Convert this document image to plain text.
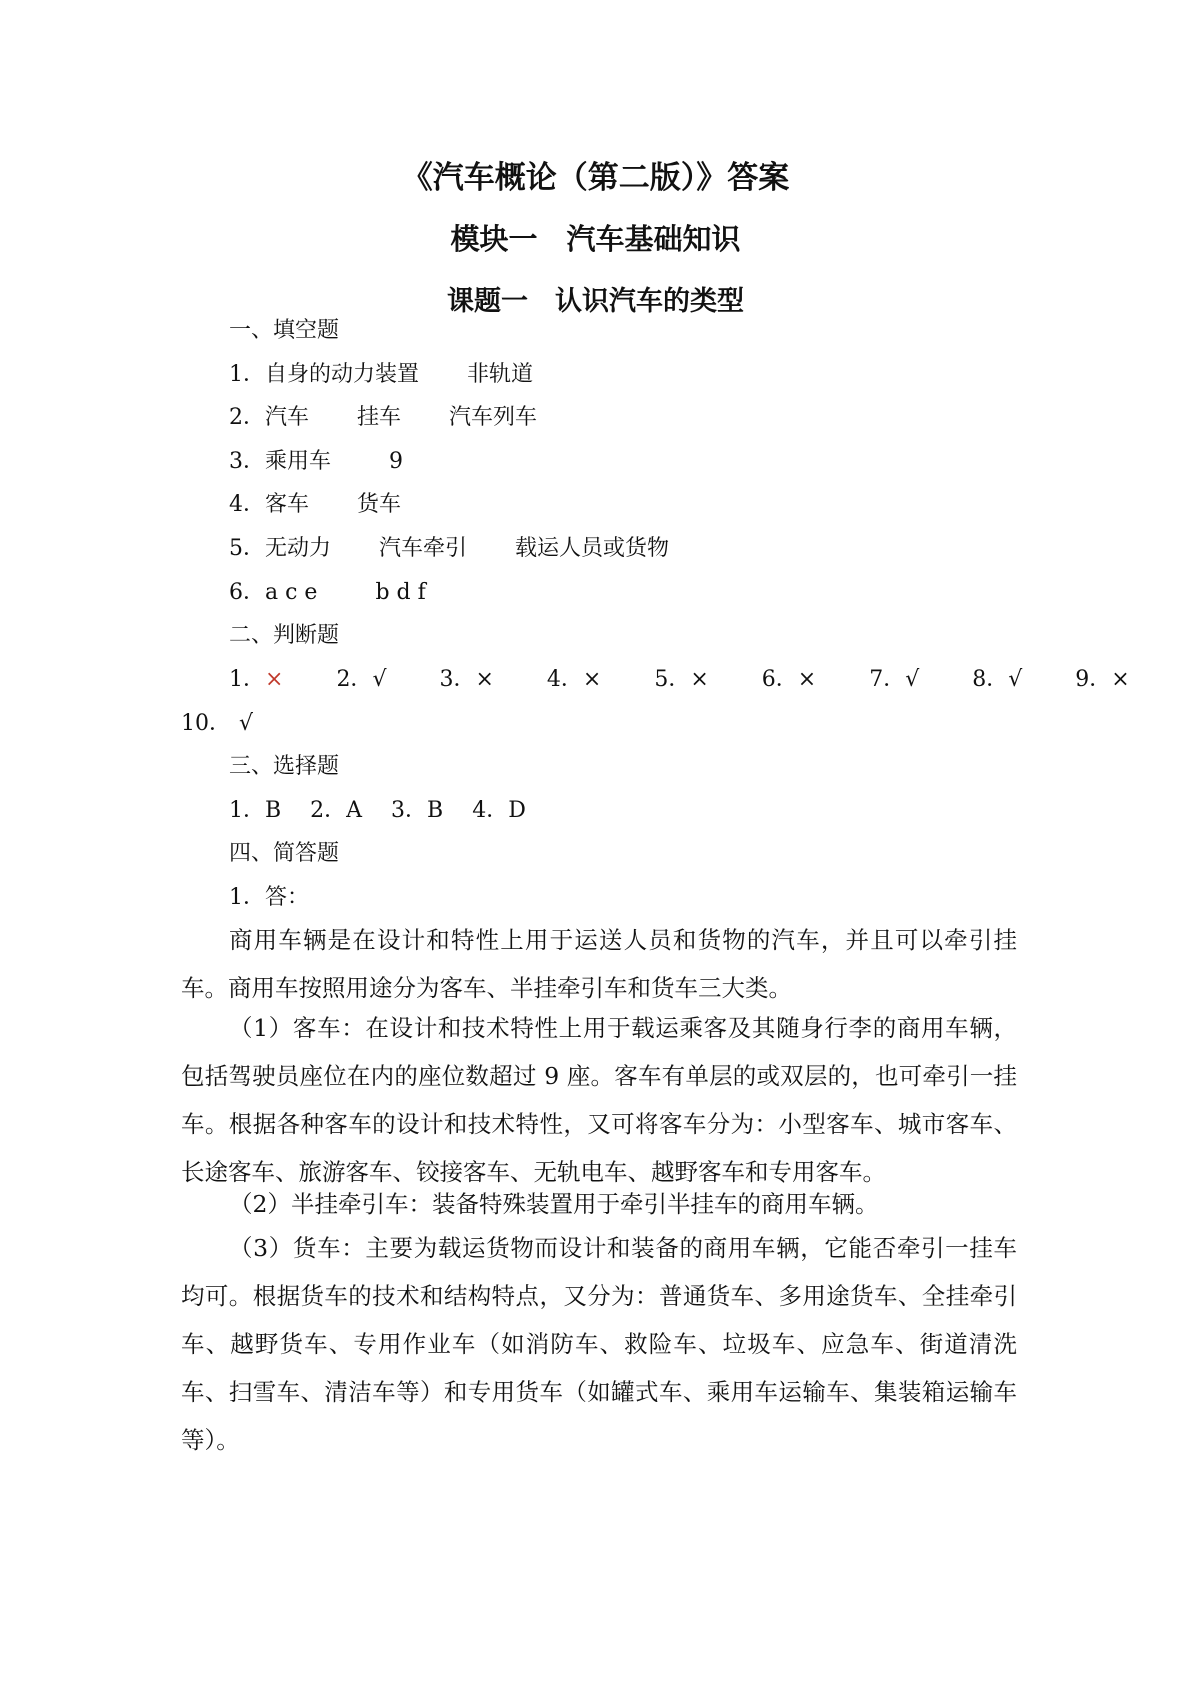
《汽车概论（第二版）》答案
模块一　汽车基础知识
课题一　认识汽车的类型
一、填空题
1．自身的动力装置 非轨道
2．汽车 挂车 汽车列车
3．乘用车	9
4．客车 货车
5．无动力 汽车牵引 载运人员或货物
6．a c e	b d f
二、判断题
1．× 2．√ 3．× 4．× 5．× 6．× 7．√ 8．√ 9．×
10． √
三、选择题
1．B　 2．A　 3．B　 4．D
四、简答题
1．答：
商用车辆是在设计和特性上用于运送人员和货物的汽车，并且可以牵引挂车。商用车按照用途分为客车、半挂牵引车和货车三大类。
（1）客车：在设计和技术特性上用于载运乘客及其随身行李的商用车辆，包括驾驶员座位在内的座位数超过 9 座。客车有单层的或双层的，也可牵引一挂车。根据各种客车的设计和技术特性，又可将客车分为：小型客车、城市客车、长途客车、旅游客车、铰接客车、无轨电车、越野客车和专用客车。
（2）半挂牵引车：装备特殊装置用于牵引半挂车的商用车辆。
（3）货车：主要为载运货物而设计和装备的商用车辆，它能否牵引一挂车均可。根据货车的技术和结构特点，又分为：普通货车、多用途货车、全挂牵引车、越野货车、专用作业车（如消防车、救险车、垃圾车、应急车、街道清洗车、扫雪车、清洁车等）和专用货车（如罐式车、乘用车运输车、集装箱运输车等）。
